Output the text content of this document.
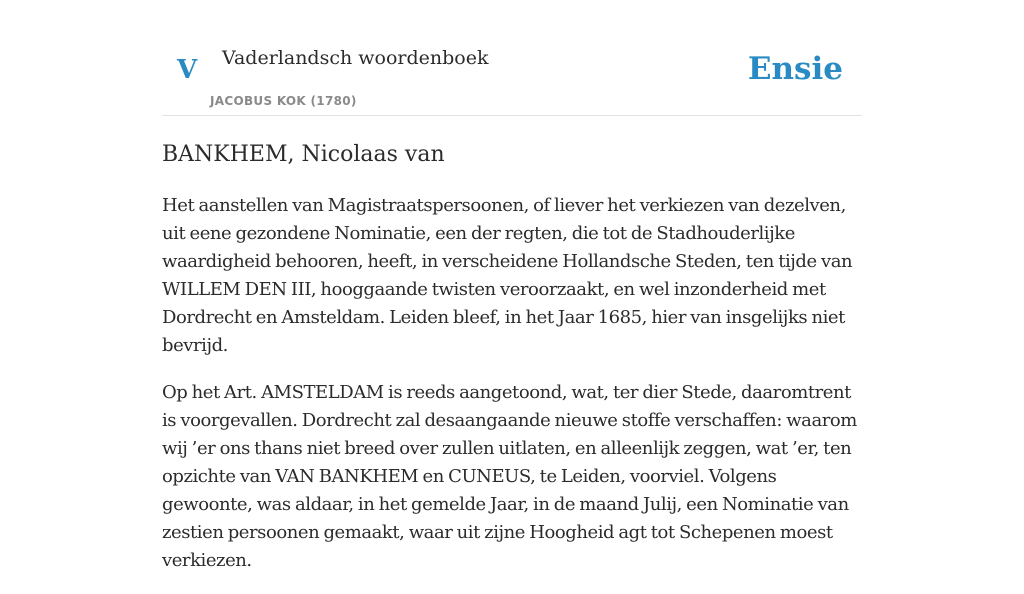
V Vaderlandsch woordenboek
JACOBUS KOK (1780)
Ensie
BANKHEM, Nicolaas van

Het aanstellen van Magistraatspersoonen, of liever het verkiezen van dezelven, uit eene gezondene Nominatie, een der regten, die tot de Stadhouderlijke waardigheid behooren, heeft, in verscheidene Hollandsche Steden, ten tijde van WILLEM DEN III, hooggaande twisten veroorzaakt, en wel inzonderheid met Dordrecht en Amsteldam. Leiden bleef, in het Jaar 1685, hier van insgelijks niet bevrijd.

Op het Art. AMSTELDAM is reeds aangetoond, wat, ter dier Stede, daaromtrent is voorgevallen. Dordrecht zal desaangaande nieuwe stoffe verschaffen: waarom wij ’er ons thans niet breed over zullen uitlaten, en alleenlijk zeggen, wat ’er, ten opzichte van VAN BANKHEM en CUNEUS, te Leiden, voorviel. Volgens gewoonte, was aldaar, in het gemelde Jaar, in de maand Julij, een Nominatie van zestien persoonen gemaakt, waar uit zijne Hoogheid agt tot Schepenen moest verkiezen.
